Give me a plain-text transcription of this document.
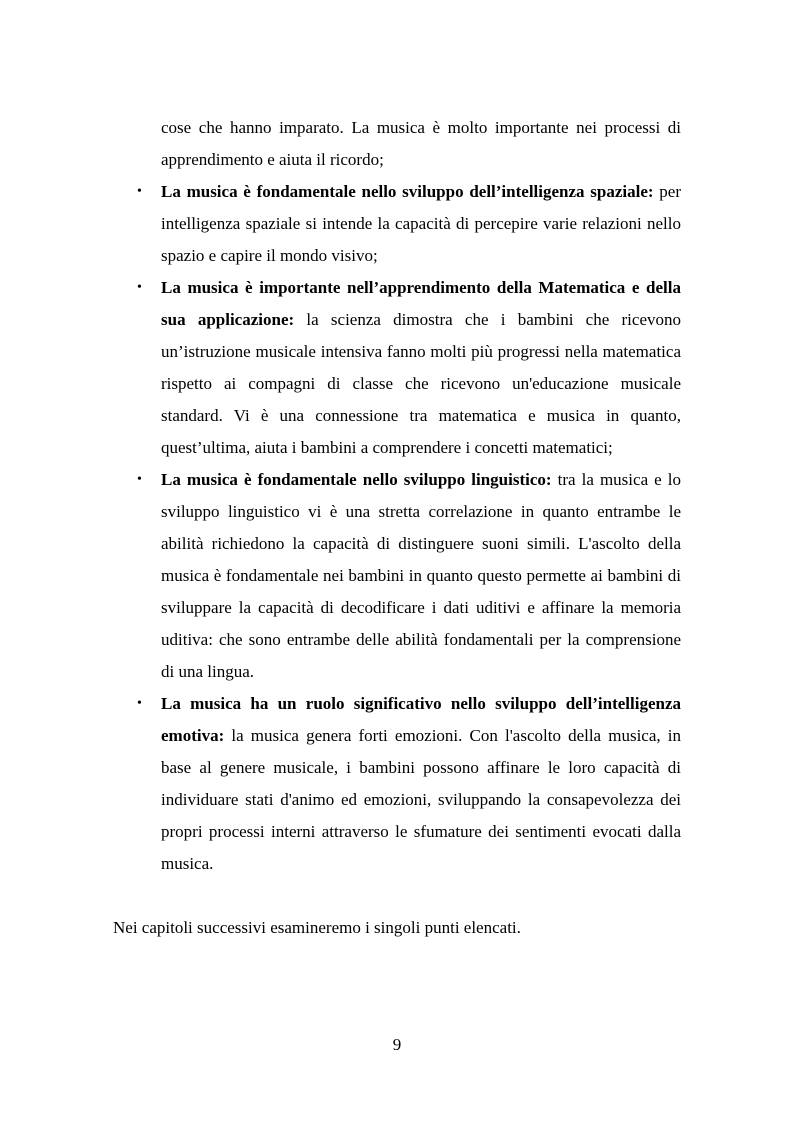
cose che hanno imparato. La musica è molto importante nei processi di apprendimento e aiuta il ricordo;

• La musica è fondamentale nello sviluppo dell’intelligenza spaziale: per intelligenza spaziale si intende la capacità di percepire varie relazioni nello spazio e capire il mondo visivo;
• La musica è importante nell’apprendimento della Matematica e della sua applicazione: la scienza dimostra che i bambini che ricevono un’istruzione musicale intensiva fanno molti più progressi nella matematica rispetto ai compagni di classe che ricevono un'educazione musicale standard. Vi è una connessione tra matematica e musica in quanto, quest’ultima, aiuta i bambini a comprendere i concetti matematici;
• La musica è fondamentale nello sviluppo linguistico: tra la musica e lo sviluppo linguistico vi è una stretta correlazione in quanto entrambe le abilità richiedono la capacità di distinguere suoni simili. L'ascolto della musica è fondamentale nei bambini in quanto questo permette ai bambini di sviluppare la capacità di decodificare i dati uditivi e affinare la memoria uditiva: che sono entrambe delle abilità fondamentali per la comprensione di una lingua.
• La musica ha un ruolo significativo nello sviluppo dell’intelligenza emotiva: la musica genera forti emozioni. Con l'ascolto della musica, in base al genere musicale, i bambini possono affinare le loro capacità di individuare stati d'animo ed emozioni, sviluppando la consapevolezza dei propri processi interni attraverso le sfumature dei sentimenti evocati dalla musica.

Nei capitoli successivi esamineremo i singoli punti elencati.

9
